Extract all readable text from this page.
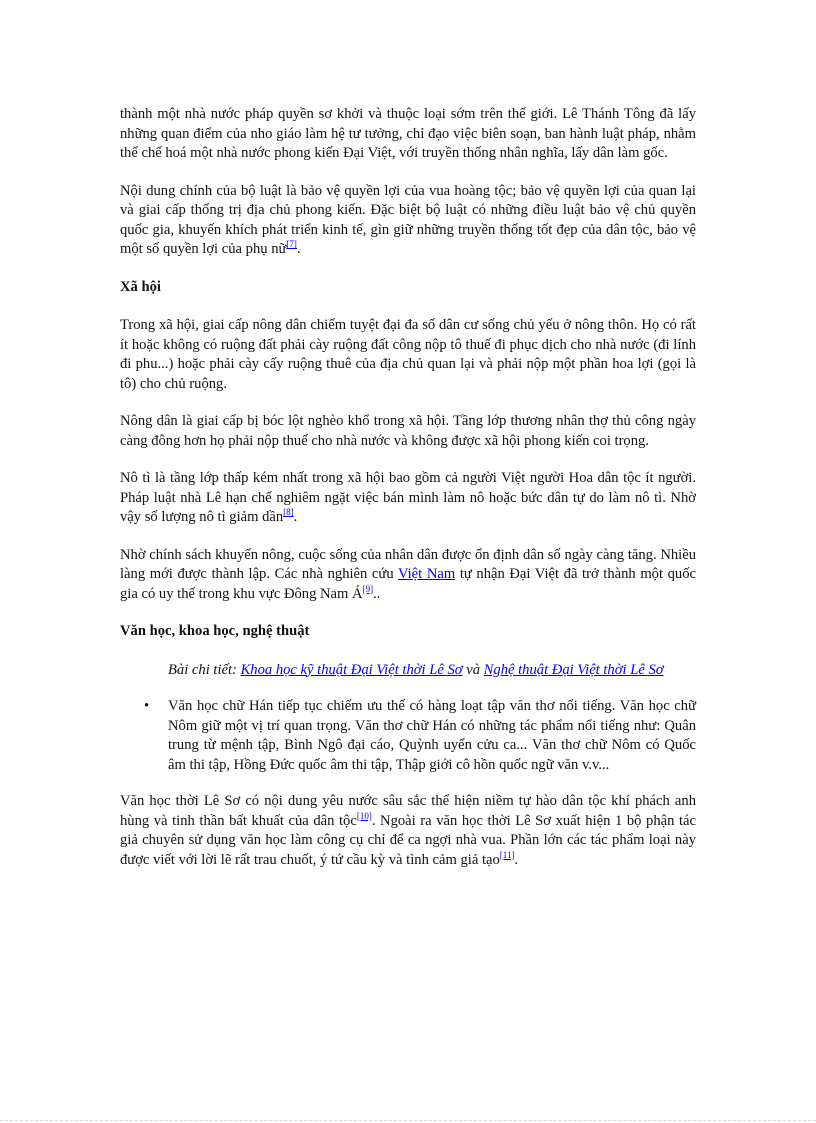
thành một nhà nước pháp quyền sơ khởi và thuộc loại sớm trên thế giới. Lê Thánh Tông đã lấy những quan điểm của nho giáo làm hệ tư tưởng, chỉ đạo việc biên soạn, ban hành luật pháp, nhằm thể chế hoá một nhà nước phong kiến Đại Việt, với truyền thống nhân nghĩa, lấy dân làm gốc.

Nội dung chính của bộ luật là bảo vệ quyền lợi của vua hoàng tộc; bảo vệ quyền lợi của quan lại và giai cấp thống trị địa chủ phong kiến. Đặc biệt bộ luật có những điều luật bảo vệ chủ quyền quốc gia, khuyến khích phát triển kinh tế, gìn giữ những truyền thống tốt đẹp của dân tộc, bảo vệ một số quyền lợi của phụ nữ[7].

Xã hội

Trong xã hội, giai cấp nông dân chiếm tuyệt đại đa số dân cư sống chủ yếu ở nông thôn. Họ có rất ít hoặc không có ruộng đất phải cày ruộng đất công nộp tô thuế đi phục dịch cho nhà nước (đi lính đi phu...) hoặc phải cày cấy ruộng thuê của địa chủ quan lại và phải nộp một phần hoa lợi (gọi là tô) cho chủ ruộng.

Nông dân là giai cấp bị bóc lột nghèo khổ trong xã hội. Tầng lớp thương nhân thợ thủ công ngày càng đông hơn họ phải nộp thuế cho nhà nước và không được xã hội phong kiến coi trọng.

Nô tì là tầng lớp thấp kém nhất trong xã hội bao gồm cả người Việt người Hoa dân tộc ít người. Pháp luật nhà Lê hạn chế nghiêm ngặt việc bán mình làm nô hoặc bức dân tự do làm nô tì. Nhờ vậy số lượng nô tì giảm dần[8].

Nhờ chính sách khuyến nông, cuộc sống của nhân dân được ổn định dân số ngày càng tăng. Nhiều làng mới được thành lập. Các nhà nghiên cứu Việt Nam tự nhận Đại Việt đã trở thành một quốc gia có uy thế trong khu vực Đông Nam Á[9]..

Văn học, khoa học, nghệ thuật

Bài chi tiết: Khoa học kỹ thuật Đại Việt thời Lê Sơ và Nghệ thuật Đại Việt thời Lê Sơ

• Văn học chữ Hán tiếp tục chiếm ưu thế có hàng loạt tập văn thơ nổi tiếng. Văn học chữ Nôm giữ một vị trí quan trọng. Văn thơ chữ Hán có những tác phẩm nổi tiếng như: Quân trung từ mệnh tập, Bình Ngô đại cáo, Quỳnh uyển cửu ca... Văn thơ chữ Nôm có Quốc âm thi tập, Hồng Đức quốc âm thi tập, Thập giới cô hồn quốc ngữ văn v.v...

Văn học thời Lê Sơ có nội dung yêu nước sâu sắc thể hiện niềm tự hào dân tộc khí phách anh hùng và tinh thần bất khuất của dân tộc[10]. Ngoài ra văn học thời Lê Sơ xuất hiện 1 bộ phận tác giả chuyên sử dụng văn học làm công cụ chỉ để ca ngợi nhà vua. Phần lớn các tác phẩm loại này được viết với lời lẽ rất trau chuốt, ý tứ cầu kỳ và tình cảm giả tạo[11].
